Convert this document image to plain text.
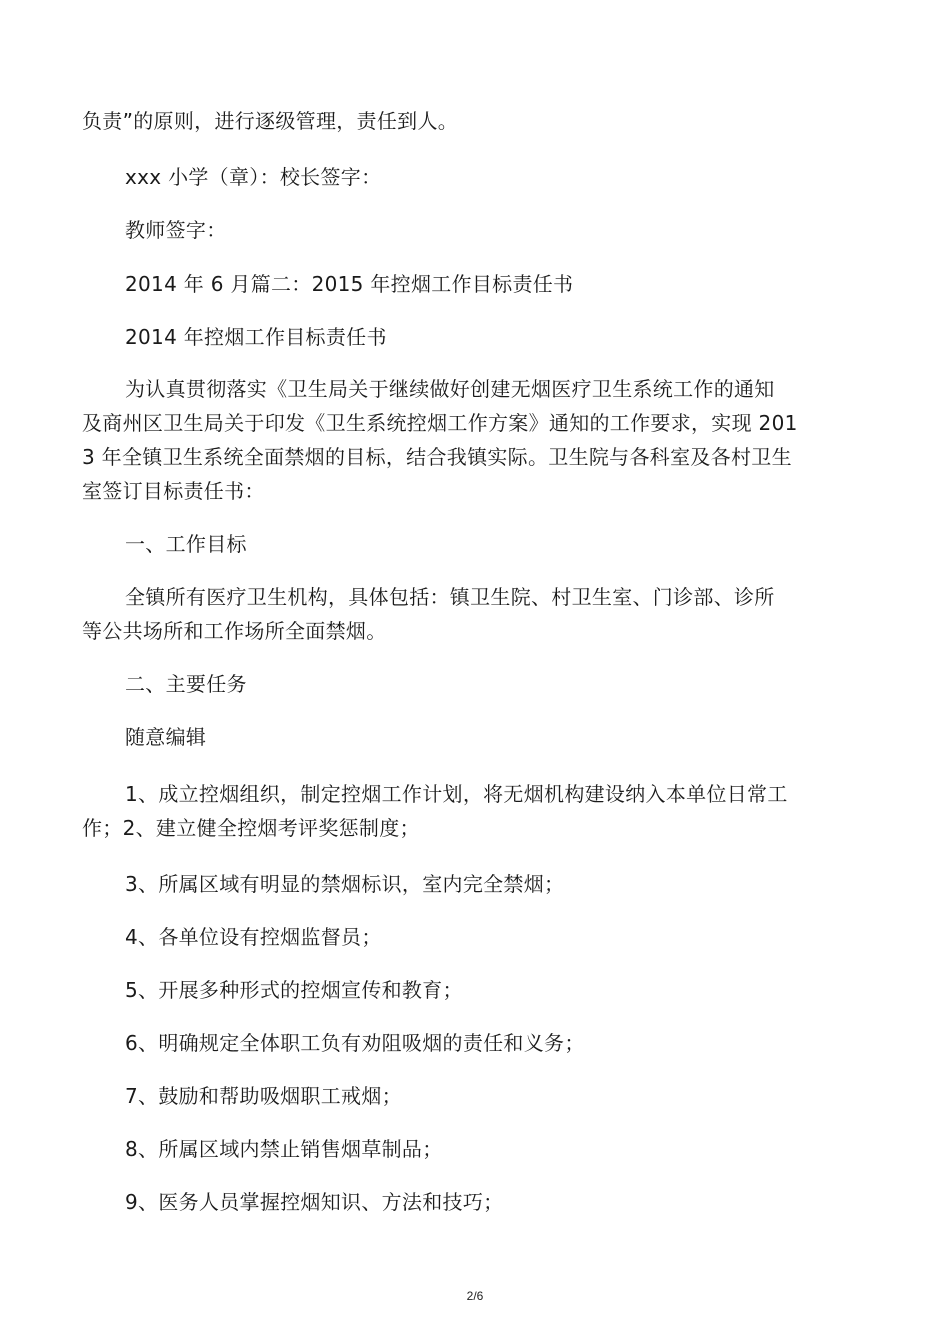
负责”的原则，进行逐级管理，责任到人。

xxx 小学（章）：校长签字：

教师签字：

2014 年 6 月篇二：2015 年控烟工作目标责任书

2014 年控烟工作目标责任书

为认真贯彻落实《卫生局关于继续做好创建无烟医疗卫生系统工作的通知

及商州区卫生局关于印发《卫生系统控烟工作方案》通知的工作要求，实现 201

3 年全镇卫生系统全面禁烟的目标，结合我镇实际。卫生院与各科室及各村卫生

室签订目标责任书：

一、工作目标

全镇所有医疗卫生机构，具体包括：镇卫生院、村卫生室、门诊部、诊所

等公共场所和工作场所全面禁烟。

二、主要任务

随意编辑

1、成立控烟组织，制定控烟工作计划，将无烟机构建设纳入本单位日常工

作；2、建立健全控烟考评奖惩制度；

3、所属区域有明显的禁烟标识，室内完全禁烟；

4、各单位设有控烟监督员；

5、开展多种形式的控烟宣传和教育；

6、明确规定全体职工负有劝阻吸烟的责任和义务；

7、鼓励和帮助吸烟职工戒烟；

8、所属区域内禁止销售烟草制品；

9、医务人员掌握控烟知识、方法和技巧；

2/6
